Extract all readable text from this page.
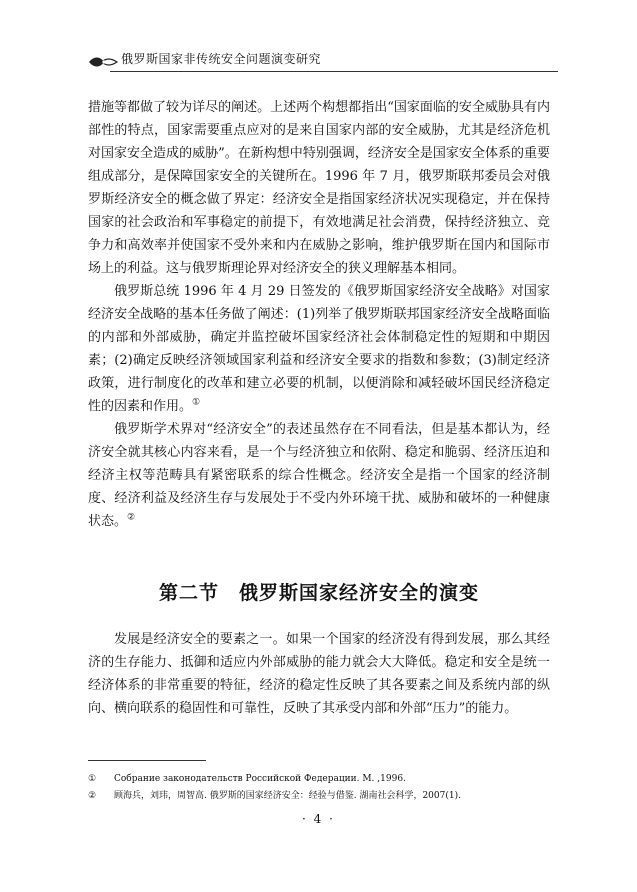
俄罗斯国家非传统安全问题演变研究

措施等都做了较为详尽的阐述。上述两个构想都指出“国家面临的安全威胁具有内部性的特点，国家需要重点应对的是来自国家内部的安全威胁，尤其是经济危机对国家安全造成的威胁”。在新构想中特别强调，经济安全是国家安全体系的重要组成部分，是保障国家安全的关键所在。1996 年 7 月，俄罗斯联邦委员会对俄罗斯经济安全的概念做了界定：经济安全是指国家经济状况实现稳定，并在保持国家的社会政治和军事稳定的前提下，有效地满足社会消费，保持经济独立、竞争力和高效率并使国家不受外来和内在威胁之影响，维护俄罗斯在国内和国际市场上的利益。这与俄罗斯理论界对经济安全的狭义理解基本相同。

俄罗斯总统 1996 年 4 月 29 日签发的《俄罗斯国家经济安全战略》对国家经济安全战略的基本任务做了阐述：(1)列举了俄罗斯联邦国家经济安全战略面临的内部和外部威胁，确定并监控破坏国家经济社会体制稳定性的短期和中期因素；(2)确定反映经济领域国家利益和经济安全要求的指数和参数；(3)制定经济政策，进行制度化的改革和建立必要的机制，以便消除和减轻破坏国民经济稳定性的因素和作用。①

俄罗斯学术界对“经济安全”的表述虽然存在不同看法，但是基本都认为，经济安全就其核心内容来看，是一个与经济独立和依附、稳定和脆弱、经济压迫和经济主权等范畴具有紧密联系的综合性概念。经济安全是指一个国家的经济制度、经济利益及经济生存与发展处于不受内外环境干扰、威胁和破坏的一种健康状态。②

第二节　俄罗斯国家经济安全的演变

发展是经济安全的要素之一。如果一个国家的经济没有得到发展，那么其经济的生存能力、抵御和适应内外部威胁的能力就会大大降低。稳定和安全是统一经济体系的非常重要的特征，经济的稳定性反映了其各要素之间及系统内部的纵向、横向联系的稳固性和可靠性，反映了其承受内部和外部“压力”的能力。

① Собрание законодательств Российской Федерации. М. ,1996.
② 顾海兵，刘玮，周智高. 俄罗斯的国家经济安全：经验与借鉴. 湖南社会科学，2007(1).
· 4 ·
